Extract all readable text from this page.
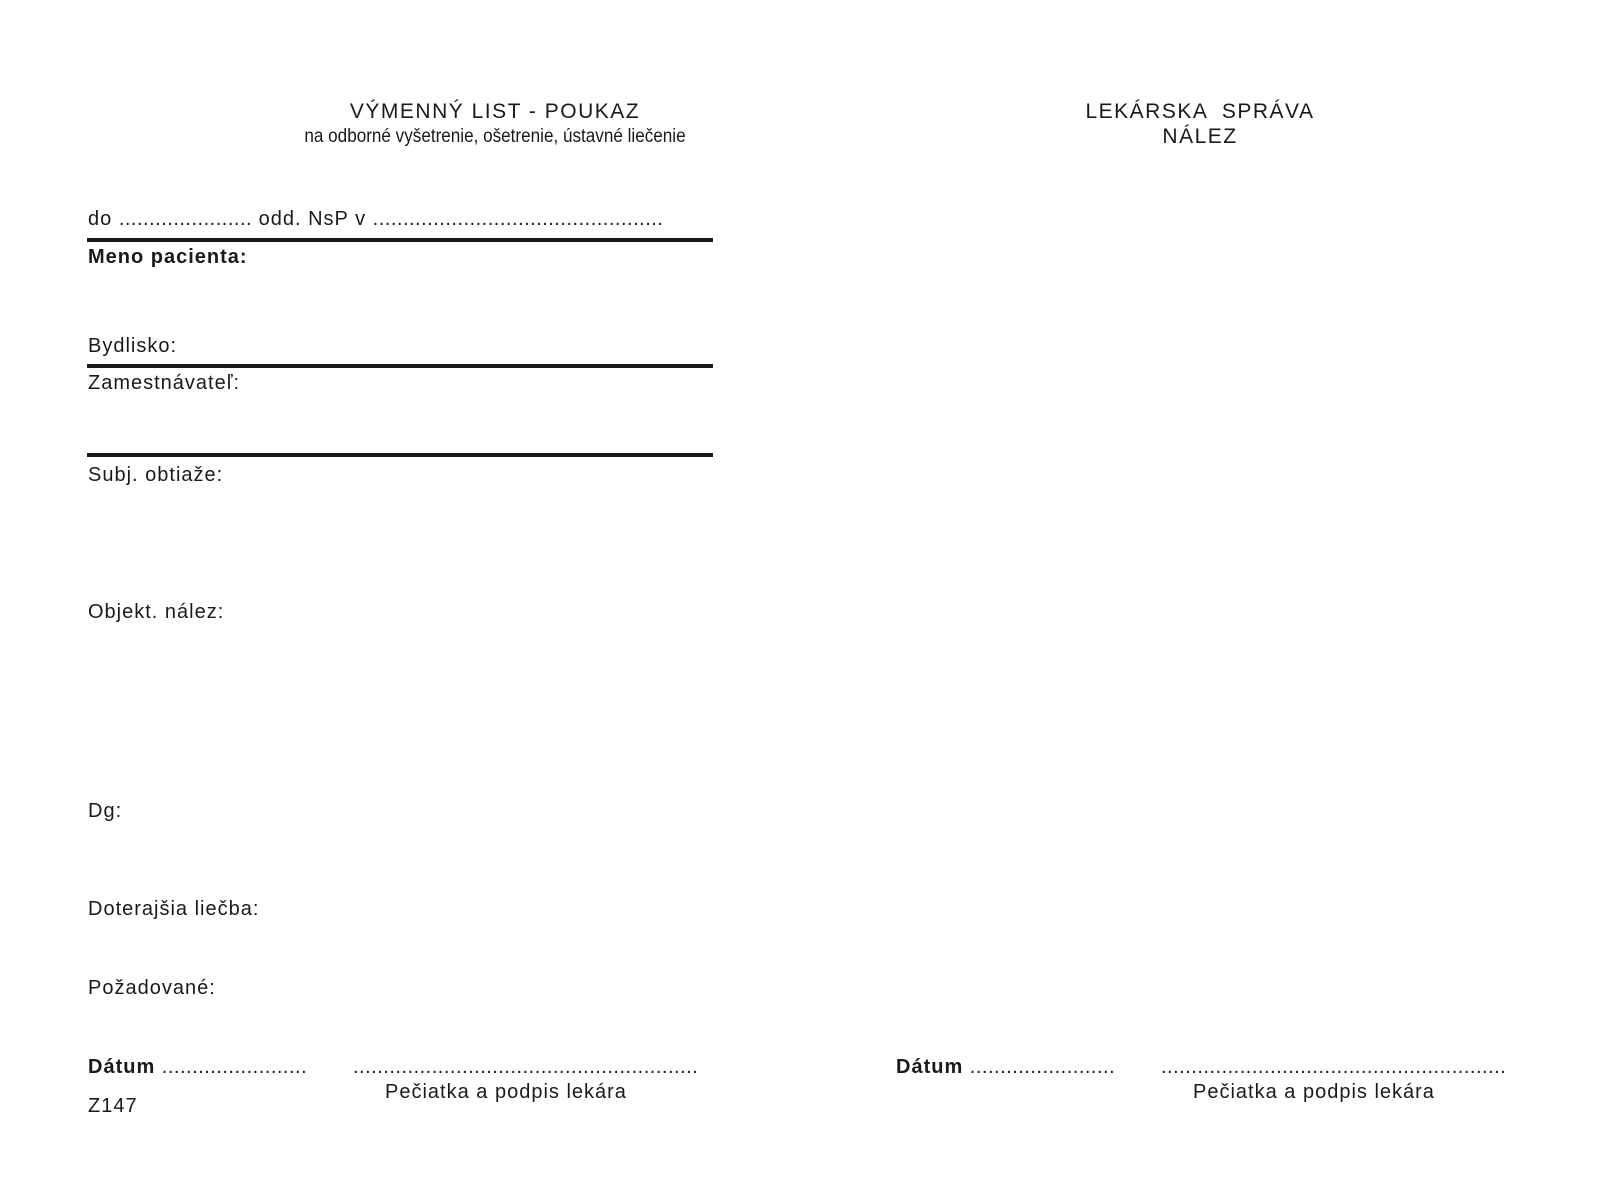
VÝMENNÝ LIST - POUKAZ
na odborné vyšetrenie, ošetrenie, ústavné liečenie
do ...................... odd. NsP v ................................................
Meno pacienta:
Bydlisko:
Zamestnávateľ:
Subj. obtiaže:
Objekt. nález:
Dg:
Doterajšia liečba:
Požadované:
Dátum ........................ .........................................................
Pečiatka a podpis lekára
Z147
LEKÁRSKA  SPRÁVA
NÁLEZ
Dátum ........................ .........................................................
Pečiatka a podpis lekára
